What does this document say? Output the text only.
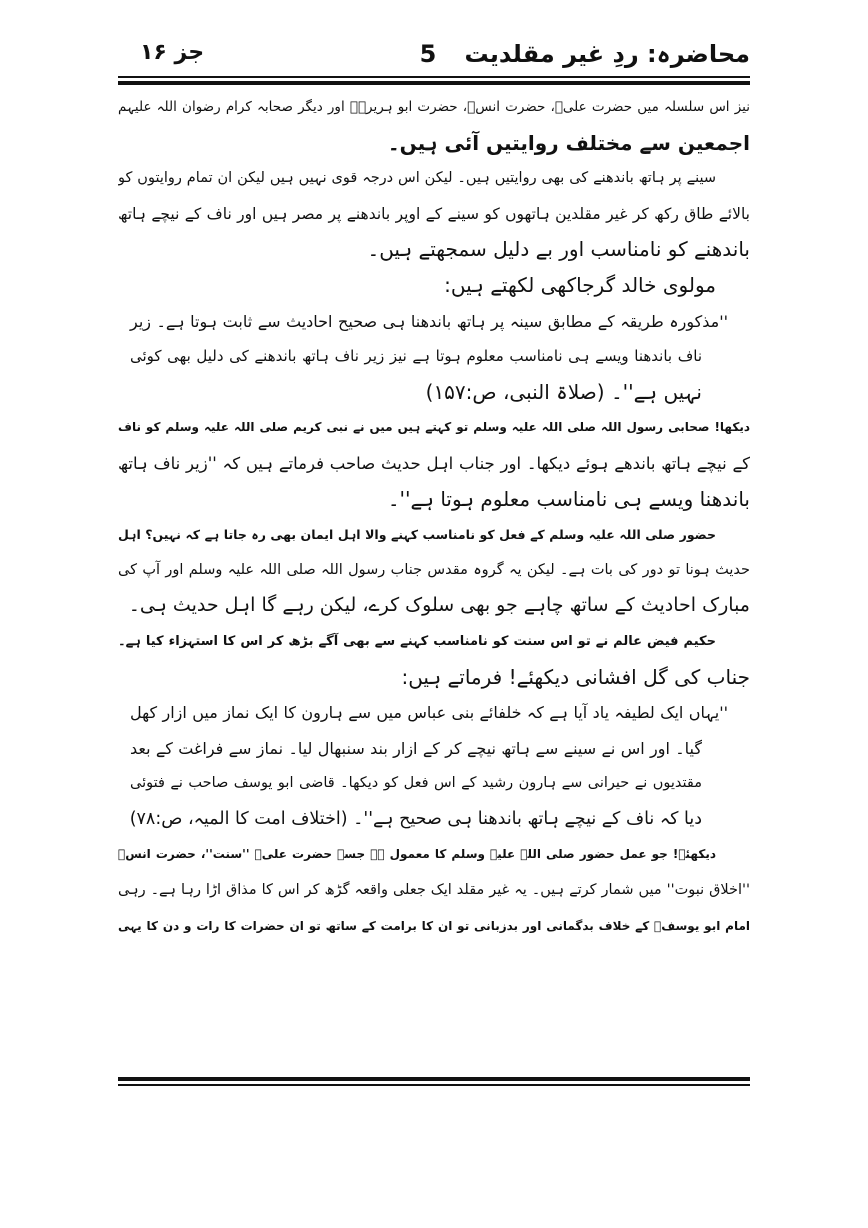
محاضرہ: ردِ غیر مقلدیت
5
جز ۱۶
نیز اس سلسلہ میں حضرت علیؓ، حضرت انسؓ، حضرت ابو ہریرہؓ اور دیگر صحابہ کرام رضوان اللہ علیہم
اجمعین سے مختلف روایتیں آئی ہیں۔
سینے پر ہاتھ باندھنے کی بھی روایتیں ہیں۔ لیکن اس درجہ قوی نہیں ہیں لیکن ان تمام روایتوں کو
بالائے طاق رکھ کر غیر مقلدین ہاتھوں کو سینے کے اوپر باندھنے پر مصر ہیں اور ناف کے نیچے ہاتھ
باندھنے کو نامناسب اور بے دلیل سمجھتے ہیں۔
مولوی خالد گرجاکھی لکھتے ہیں:
''مذکورہ طریقہ کے مطابق سینہ پر ہاتھ باندھنا ہی صحیح احادیث سے ثابت ہوتا ہے۔ زیر
ناف باندھنا ویسے ہی نامناسب معلوم ہوتا ہے نیز زیر ناف ہاتھ باندھنے کی دلیل بھی کوئی
نہیں ہے''۔ (صلاۃ النبی، ص:۱۵۷)
دیکھا! صحابی رسول اللہ صلی اللہ علیہ وسلم تو کہتے ہیں میں نے نبی کریم صلی اللہ علیہ وسلم کو ناف
کے نیچے ہاتھ باندھے ہوئے دیکھا۔ اور جناب اہل حدیث صاحب فرماتے ہیں کہ ''زیر ناف ہاتھ
باندھنا ویسے ہی نامناسب معلوم ہوتا ہے''۔
حضور صلی اللہ علیہ وسلم کے فعل کو نامناسب کہنے والا اہل ایمان بھی رہ جاتا ہے کہ نہیں؟ اہل
حدیث ہونا تو دور کی بات ہے۔ لیکن یہ گروہ مقدس جناب رسول اللہ صلی اللہ علیہ وسلم اور آپ کی
مبارک احادیث کے ساتھ چاہے جو بھی سلوک کرے، لیکن رہے گا اہل حدیث ہی۔
حکیم فیض عالم نے تو اس سنت کو نامناسب کہنے سے بھی آگے بڑھ کر اس کا استہزاء کیا ہے۔
جناب کی گل افشانی دیکھئے! فرماتے ہیں:
''یہاں ایک لطیفہ یاد آیا ہے کہ خلفائے بنی عباس میں سے ہارون کا ایک نماز میں ازار کھل
گیا۔ اور اس نے سینے سے ہاتھ نیچے کر کے ازار بند سنبھال لیا۔ نماز سے فراغت کے بعد
مقتدیوں نے حیرانی سے ہارون رشید کے اس فعل کو دیکھا۔ قاضی ابو یوسف صاحب نے فتوئی
دیا کہ ناف کے نیچے ہاتھ باندھنا ہی صحیح ہے''۔ (اختلاف امت کا المیہ، ص:۷۸)
دیکھئے! جو عمل حضور صلی اللہ علیہ وسلم کا معمول ہے جسے حضرت علیؓ ''سنت''، حضرت انسؓ
''اخلاق نبوت'' میں شمار کرتے ہیں۔ یہ غیر مقلد ایک جعلی واقعہ گڑھ کر اس کا مذاق اڑا رہا ہے۔ رہی
امام ابو یوسفؒ کے خلاف بدگمانی اور بدزبانی تو ان کا برامت کے ساتھ تو ان حضرات کا رات و دن کا یہی
